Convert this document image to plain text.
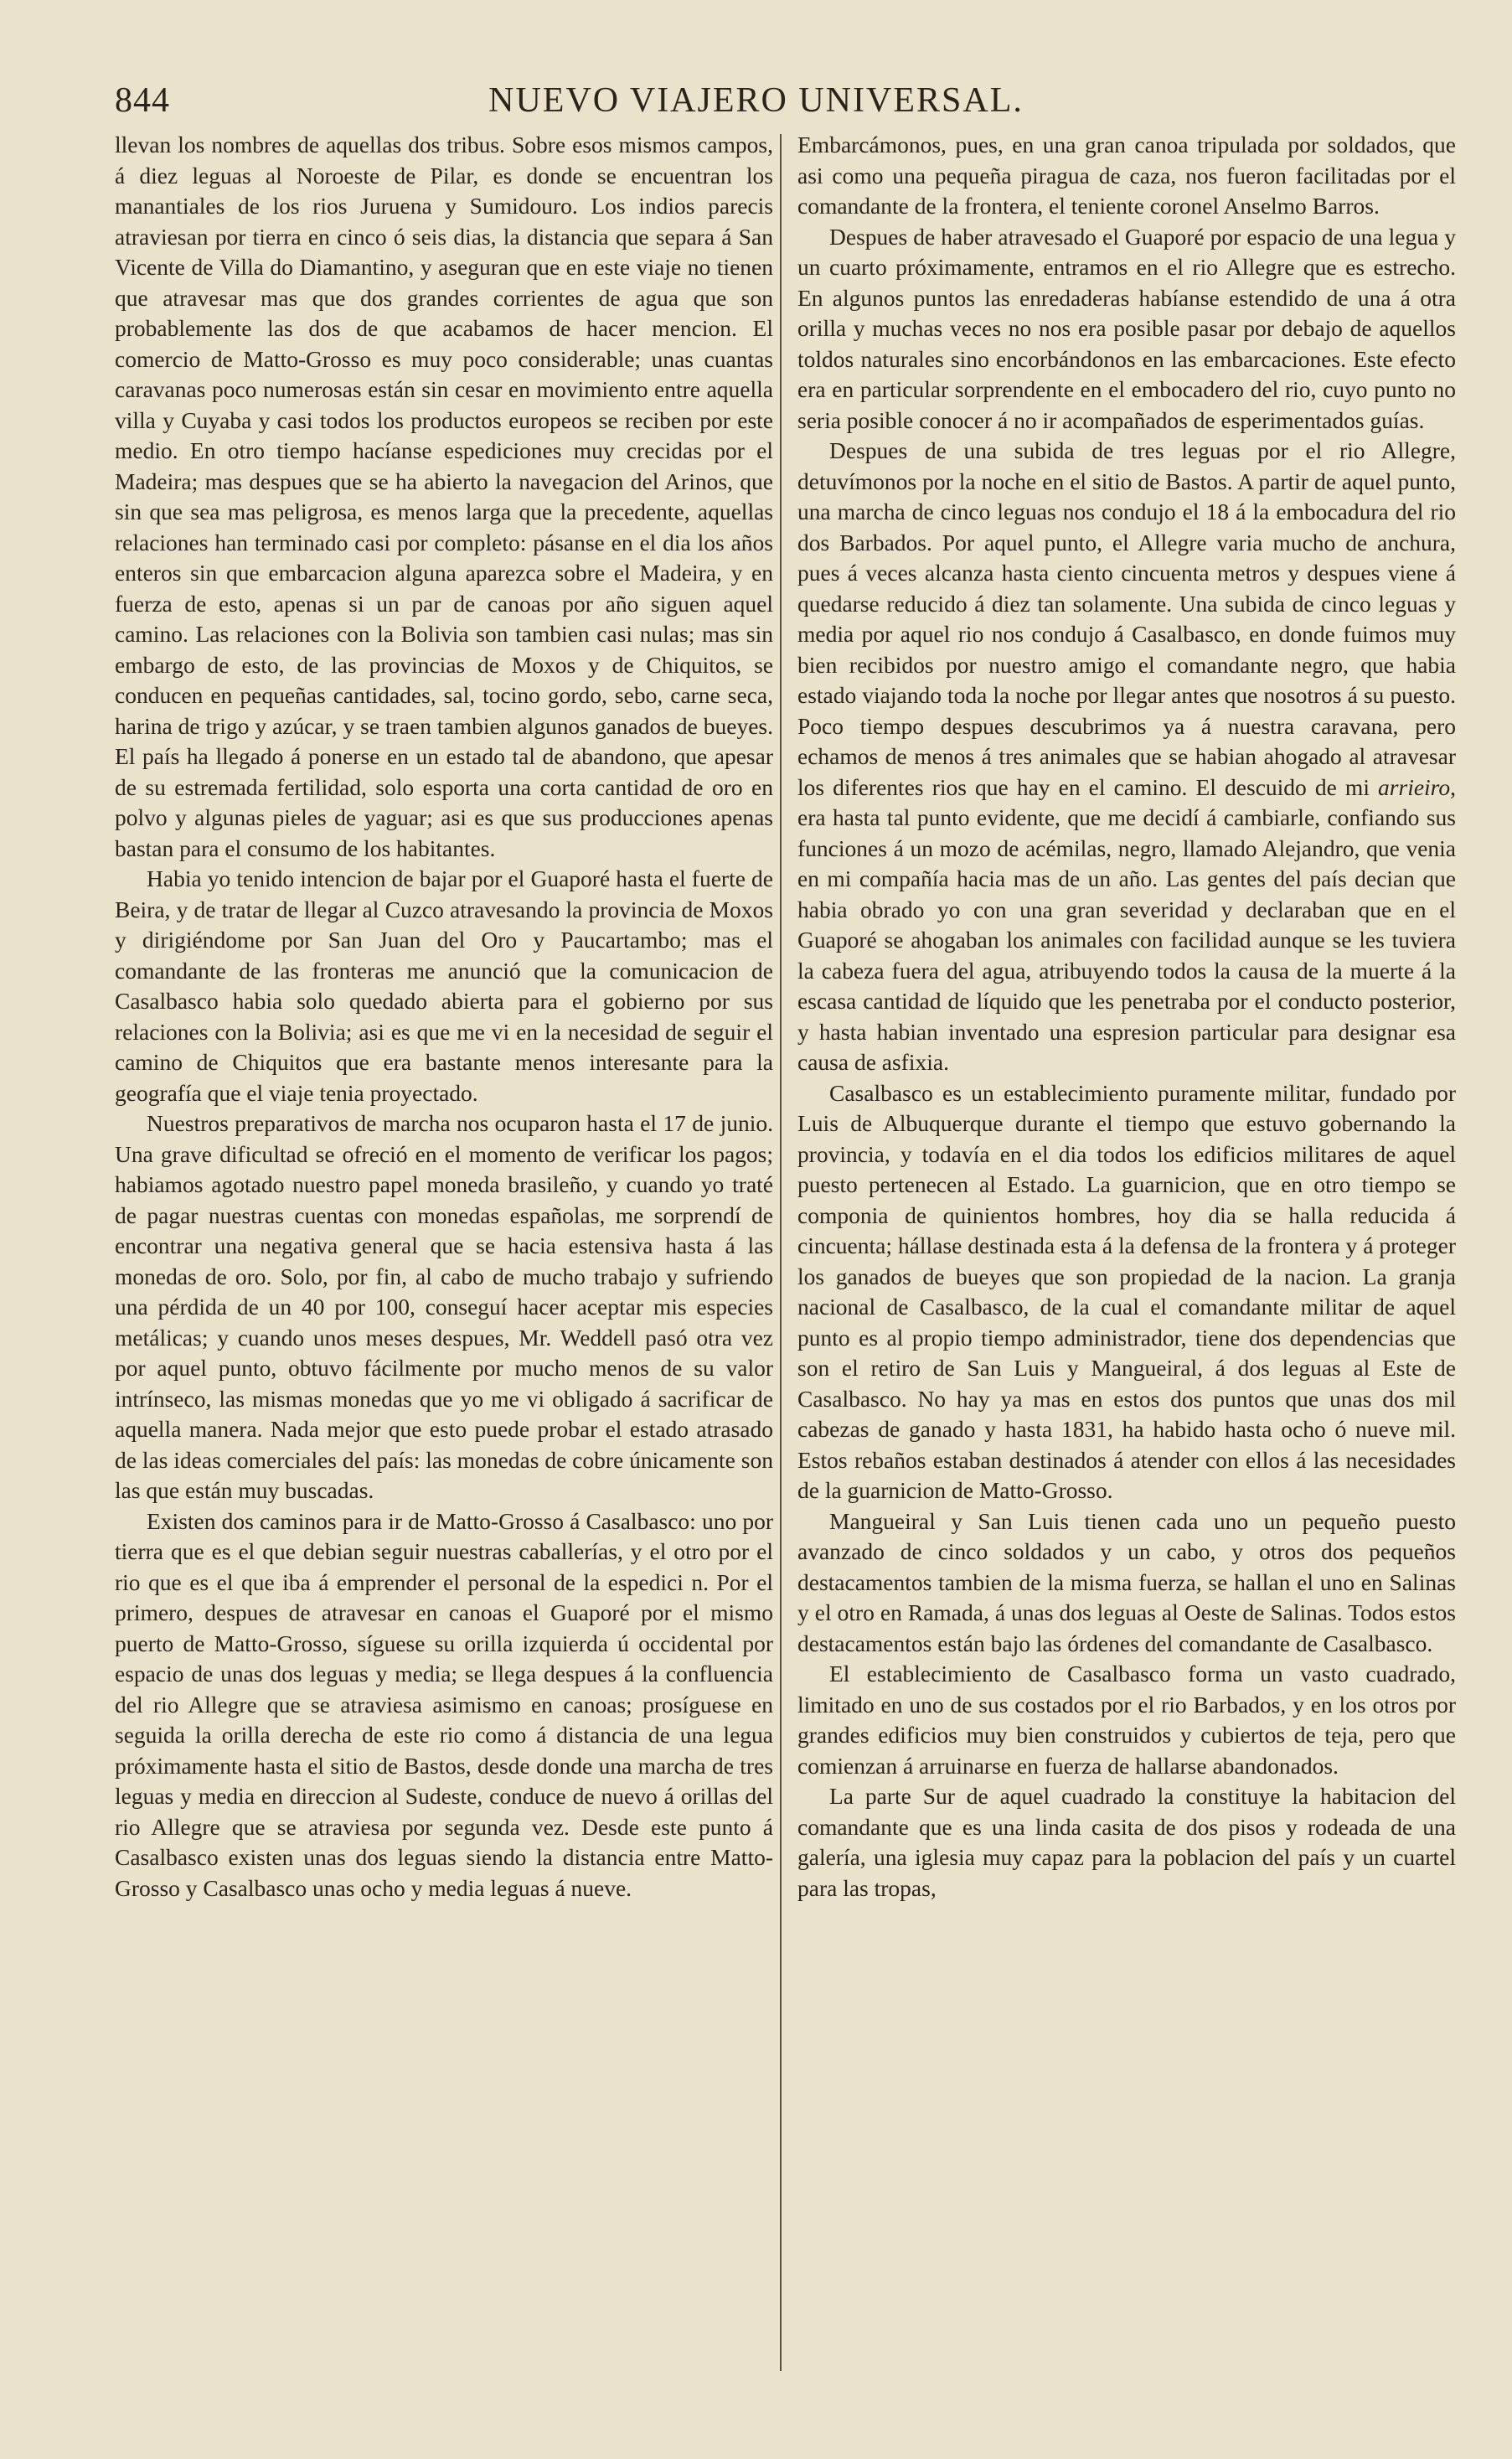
844	NUEVO VIAJERO UNIVERSAL.

llevan los nombres de aquellas dos tribus. Sobre esos mismos campos, á diez leguas al Noroeste de Pilar, es donde se encuentran los manantiales de los rios Juruena y Sumidouro. Los indios parecis atraviesan por tierra en cinco ó seis dias, la distancia que separa á San Vicente de Villa do Diamantino, y aseguran que en este viaje no tienen que atravesar mas que dos grandes corrientes de agua que son probablemente las dos de que acabamos de hacer mencion. El comercio de Matto-Grosso es muy poco considerable; unas cuantas caravanas poco numerosas están sin cesar en movimiento entre aquella villa y Cuyaba y casi todos los productos europeos se reciben por este medio. En otro tiempo hacíanse espediciones muy crecidas por el Madeira; mas despues que se ha abierto la navegacion del Arinos, que sin que sea mas peligrosa, es menos larga que la precedente, aquellas relaciones han terminado casi por completo: pásanse en el dia los años enteros sin que embarcacion alguna aparezca sobre el Madeira, y en fuerza de esto, apenas si un par de canoas por año siguen aquel camino. Las relaciones con la Bolivia son tambien casi nulas; mas sin embargo de esto, de las provincias de Moxos y de Chiquitos, se conducen en pequeñas cantidades, sal, tocino gordo, sebo, carne seca, harina de trigo y azúcar, y se traen tambien algunos ganados de bueyes. El país ha llegado á ponerse en un estado tal de abandono, que apesar de su estremada fertilidad, solo esporta una corta cantidad de oro en polvo y algunas pieles de yaguar; asi es que sus producciones apenas bastan para el consumo de los habitantes.

Habia yo tenido intencion de bajar por el Guaporé hasta el fuerte de Beira, y de tratar de llegar al Cuzco atravesando la provincia de Moxos y dirigiéndome por San Juan del Oro y Paucartambo; mas el comandante de las fronteras me anunció que la comunicacion de Casalbasco habia solo quedado abierta para el gobierno por sus relaciones con la Bolivia; asi es que me vi en la necesidad de seguir el camino de Chiquitos que era bastante menos interesante para la geografía que el viaje tenia proyectado.

Nuestros preparativos de marcha nos ocuparon hasta el 17 de junio. Una grave dificultad se ofreció en el momento de verificar los pagos; habiamos agotado nuestro papel moneda brasileño, y cuando yo traté de pagar nuestras cuentas con monedas españolas, me sorprendí de encontrar una negativa general que se hacia estensiva hasta á las monedas de oro. Solo, por fin, al cabo de mucho trabajo y sufriendo una pérdida de un 40 por 100, conseguí hacer aceptar mis especies metálicas; y cuando unos meses despues, Mr. Weddell pasó otra vez por aquel punto, obtuvo fácilmente por mucho menos de su valor intrínseco, las mismas monedas que yo me vi obligado á sacrificar de aquella manera. Nada mejor que esto puede probar el estado atrasado de las ideas comerciales del país: las monedas de cobre únicamente son las que están muy buscadas.

Existen dos caminos para ir de Matto-Grosso á Casalbasco: uno por tierra que es el que debian seguir nuestras caballerías, y el otro por el rio que es el que iba á emprender el personal de la espedici n. Por el primero, despues de atravesar en canoas el Guaporé por el mismo puerto de Matto-Grosso, síguese su orilla izquierda ú occidental por espacio de unas dos leguas y media; se llega despues á la confluencia del rio Allegre que se atraviesa asimismo en canoas; prosíguese en seguida la orilla derecha de este rio como á distancia de una legua próximamente hasta el sitio de Bastos, desde donde una marcha de tres leguas y media en direccion al Sudeste, conduce de nuevo á orillas del rio Allegre que se atraviesa por segunda vez. Desde este punto á Casalbasco existen unas dos leguas siendo la distancia entre Matto-Grosso y Casalbasco unas ocho y media leguas á nueve.

Embarcámonos, pues, en una gran canoa tripulada por soldados, que asi como una pequeña piragua de caza, nos fueron facilitadas por el comandante de la frontera, el teniente coronel Anselmo Barros.

Despues de haber atravesado el Guaporé por espacio de una legua y un cuarto próximamente, entramos en el rio Allegre que es estrecho. En algunos puntos las enredaderas habíanse estendido de una á otra orilla y muchas veces no nos era posible pasar por debajo de aquellos toldos naturales sino encorbándonos en las embarcaciones. Este efecto era en particular sorprendente en el embocadero del rio, cuyo punto no seria posible conocer á no ir acompañados de esperimentados guías.

Despues de una subida de tres leguas por el rio Allegre, detuvímonos por la noche en el sitio de Bastos. A partir de aquel punto, una marcha de cinco leguas nos condujo el 18 á la embocadura del rio dos Barbados. Por aquel punto, el Allegre varia mucho de anchura, pues á veces alcanza hasta ciento cincuenta metros y despues viene á quedarse reducido á diez tan solamente. Una subida de cinco leguas y media por aquel rio nos condujo á Casalbasco, en donde fuimos muy bien recibidos por nuestro amigo el comandante negro, que habia estado viajando toda la noche por llegar antes que nosotros á su puesto. Poco tiempo despues descubrimos ya á nuestra caravana, pero echamos de menos á tres animales que se habian ahogado al atravesar los diferentes rios que hay en el camino. El descuido de mi arrieiro, era hasta tal punto evidente, que me decidí á cambiarle, confiando sus funciones á un mozo de acémilas, negro, llamado Alejandro, que venia en mi compañía hacia mas de un año. Las gentes del país decian que habia obrado yo con una gran severidad y declaraban que en el Guaporé se ahogaban los animales con facilidad aunque se les tuviera la cabeza fuera del agua, atribuyendo todos la causa de la muerte á la escasa cantidad de líquido que les penetraba por el conducto posterior, y hasta habian inventado una espresion particular para designar esa causa de asfixia.

Casalbasco es un establecimiento puramente militar, fundado por Luis de Albuquerque durante el tiempo que estuvo gobernando la provincia, y todavía en el dia todos los edificios militares de aquel puesto pertenecen al Estado. La guarnicion, que en otro tiempo se componia de quinientos hombres, hoy dia se halla reducida á cincuenta; hállase destinada esta á la defensa de la frontera y á proteger los ganados de bueyes que son propiedad de la nacion. La granja nacional de Casalbasco, de la cual el comandante militar de aquel punto es al propio tiempo administrador, tiene dos dependencias que son el retiro de San Luis y Mangueiral, á dos leguas al Este de Casalbasco. No hay ya mas en estos dos puntos que unas dos mil cabezas de ganado y hasta 1831, ha habido hasta ocho ó nueve mil. Estos rebaños estaban destinados á atender con ellos á las necesidades de la guarnicion de Matto-Grosso.

Mangueiral y San Luis tienen cada uno un pequeño puesto avanzado de cinco soldados y un cabo, y otros dos pequeños destacamentos tambien de la misma fuerza, se hallan el uno en Salinas y el otro en Ramada, á unas dos leguas al Oeste de Salinas. Todos estos destacamentos están bajo las órdenes del comandante de Casalbasco.

El establecimiento de Casalbasco forma un vasto cuadrado, limitado en uno de sus costados por el rio Barbados, y en los otros por grandes edificios muy bien construidos y cubiertos de teja, pero que comienzan á arruinarse en fuerza de hallarse abandonados.

La parte Sur de aquel cuadrado la constituye la habitacion del comandante que es una linda casita de dos pisos y rodeada de una galería, una iglesia muy capaz para la poblacion del país y un cuartel para las tropas,
